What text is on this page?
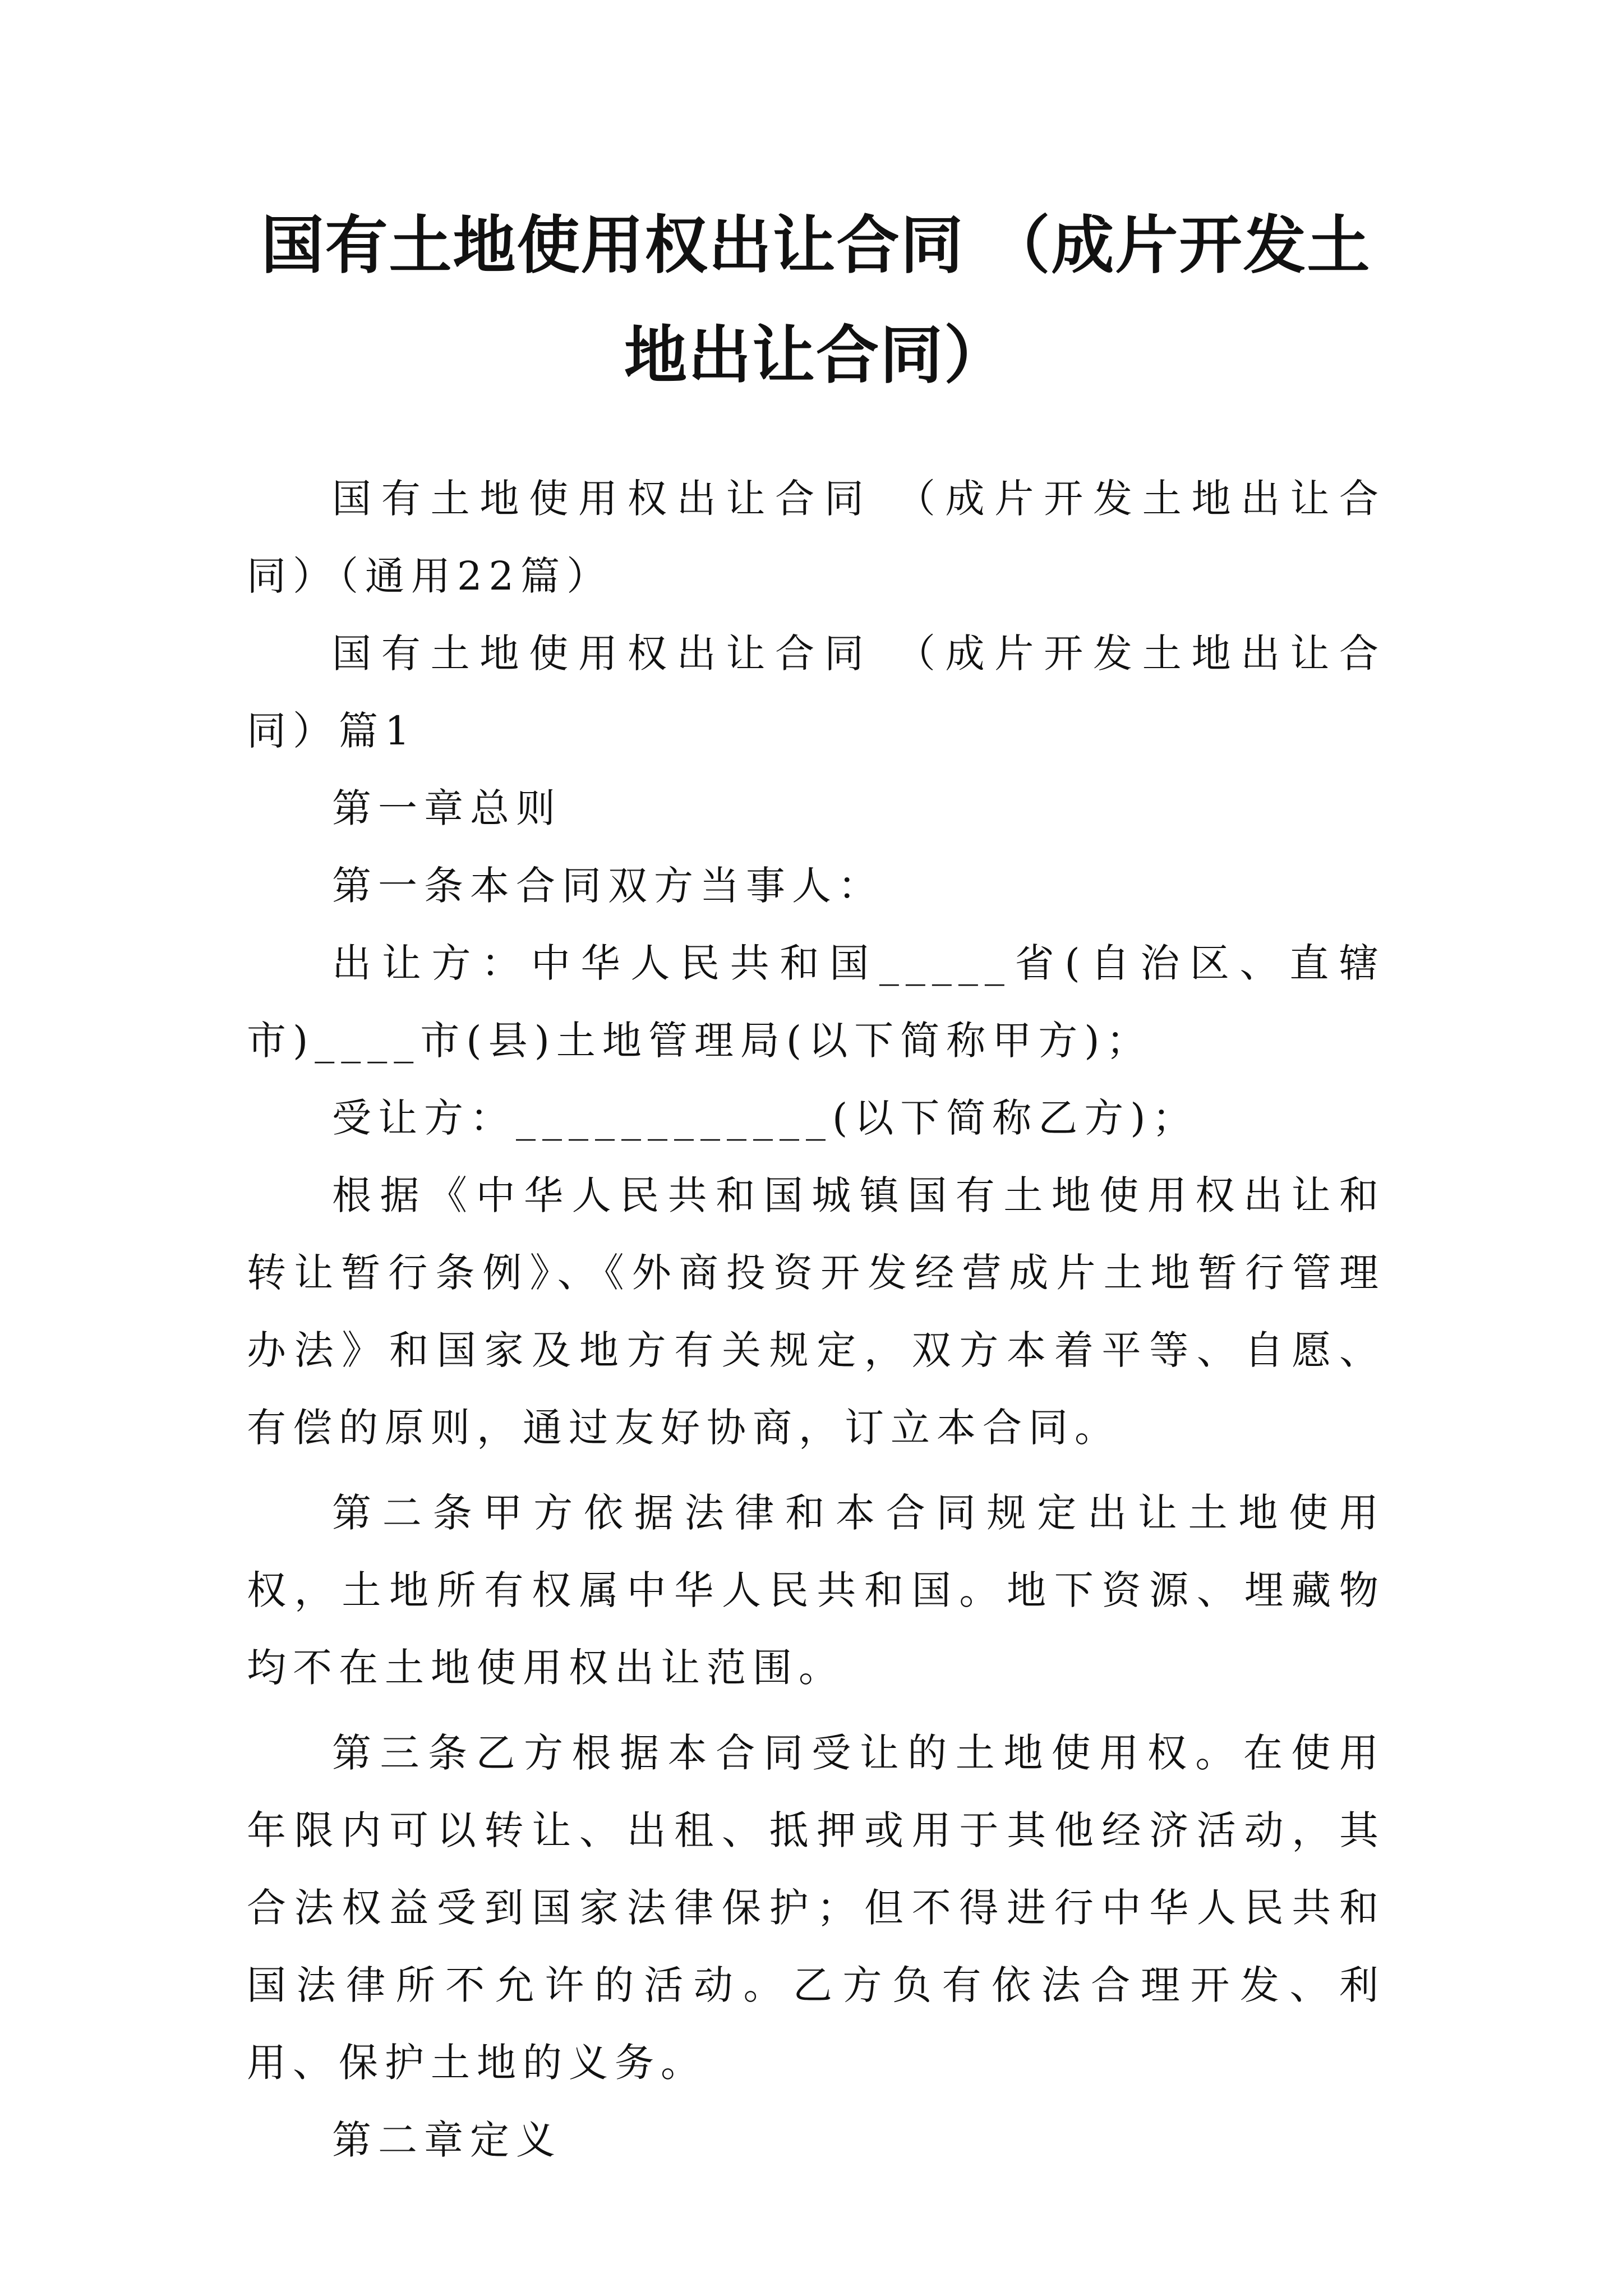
国有土地使用权出让合同 （成片开发土地出让合同）

国有土地使用权出让合同 （成片开发土地出让合同）（通用22篇）

国有土地使用权出让合同 （成片开发土地出让合同）篇1

第一章总则

第一条本合同双方当事人：

出让方：中华人民共和国_____省(自治区、直辖市)____市(县)土地管理局(以下简称甲方)；

受让方：____________(以下简称乙方)；

根据《中华人民共和国城镇国有土地使用权出让和转让暂行条例》、《外商投资开发经营成片土地暂行管理办法》和国家及地方有关规定，双方本着平等、自愿、有偿的原则，通过友好协商，订立本合同。

第二条甲方依据法律和本合同规定出让土地使用权，土地所有权属中华人民共和国。地下资源、埋藏物均不在土地使用权出让范围。

第三条乙方根据本合同受让的土地使用权。在使用年限内可以转让、出租、抵押或用于其他经济活动，其合法权益受到国家法律保护；但不得进行中华人民共和国法律所不允许的活动。乙方负有依法合理开发、利用、保护土地的义务。

第二章定义
